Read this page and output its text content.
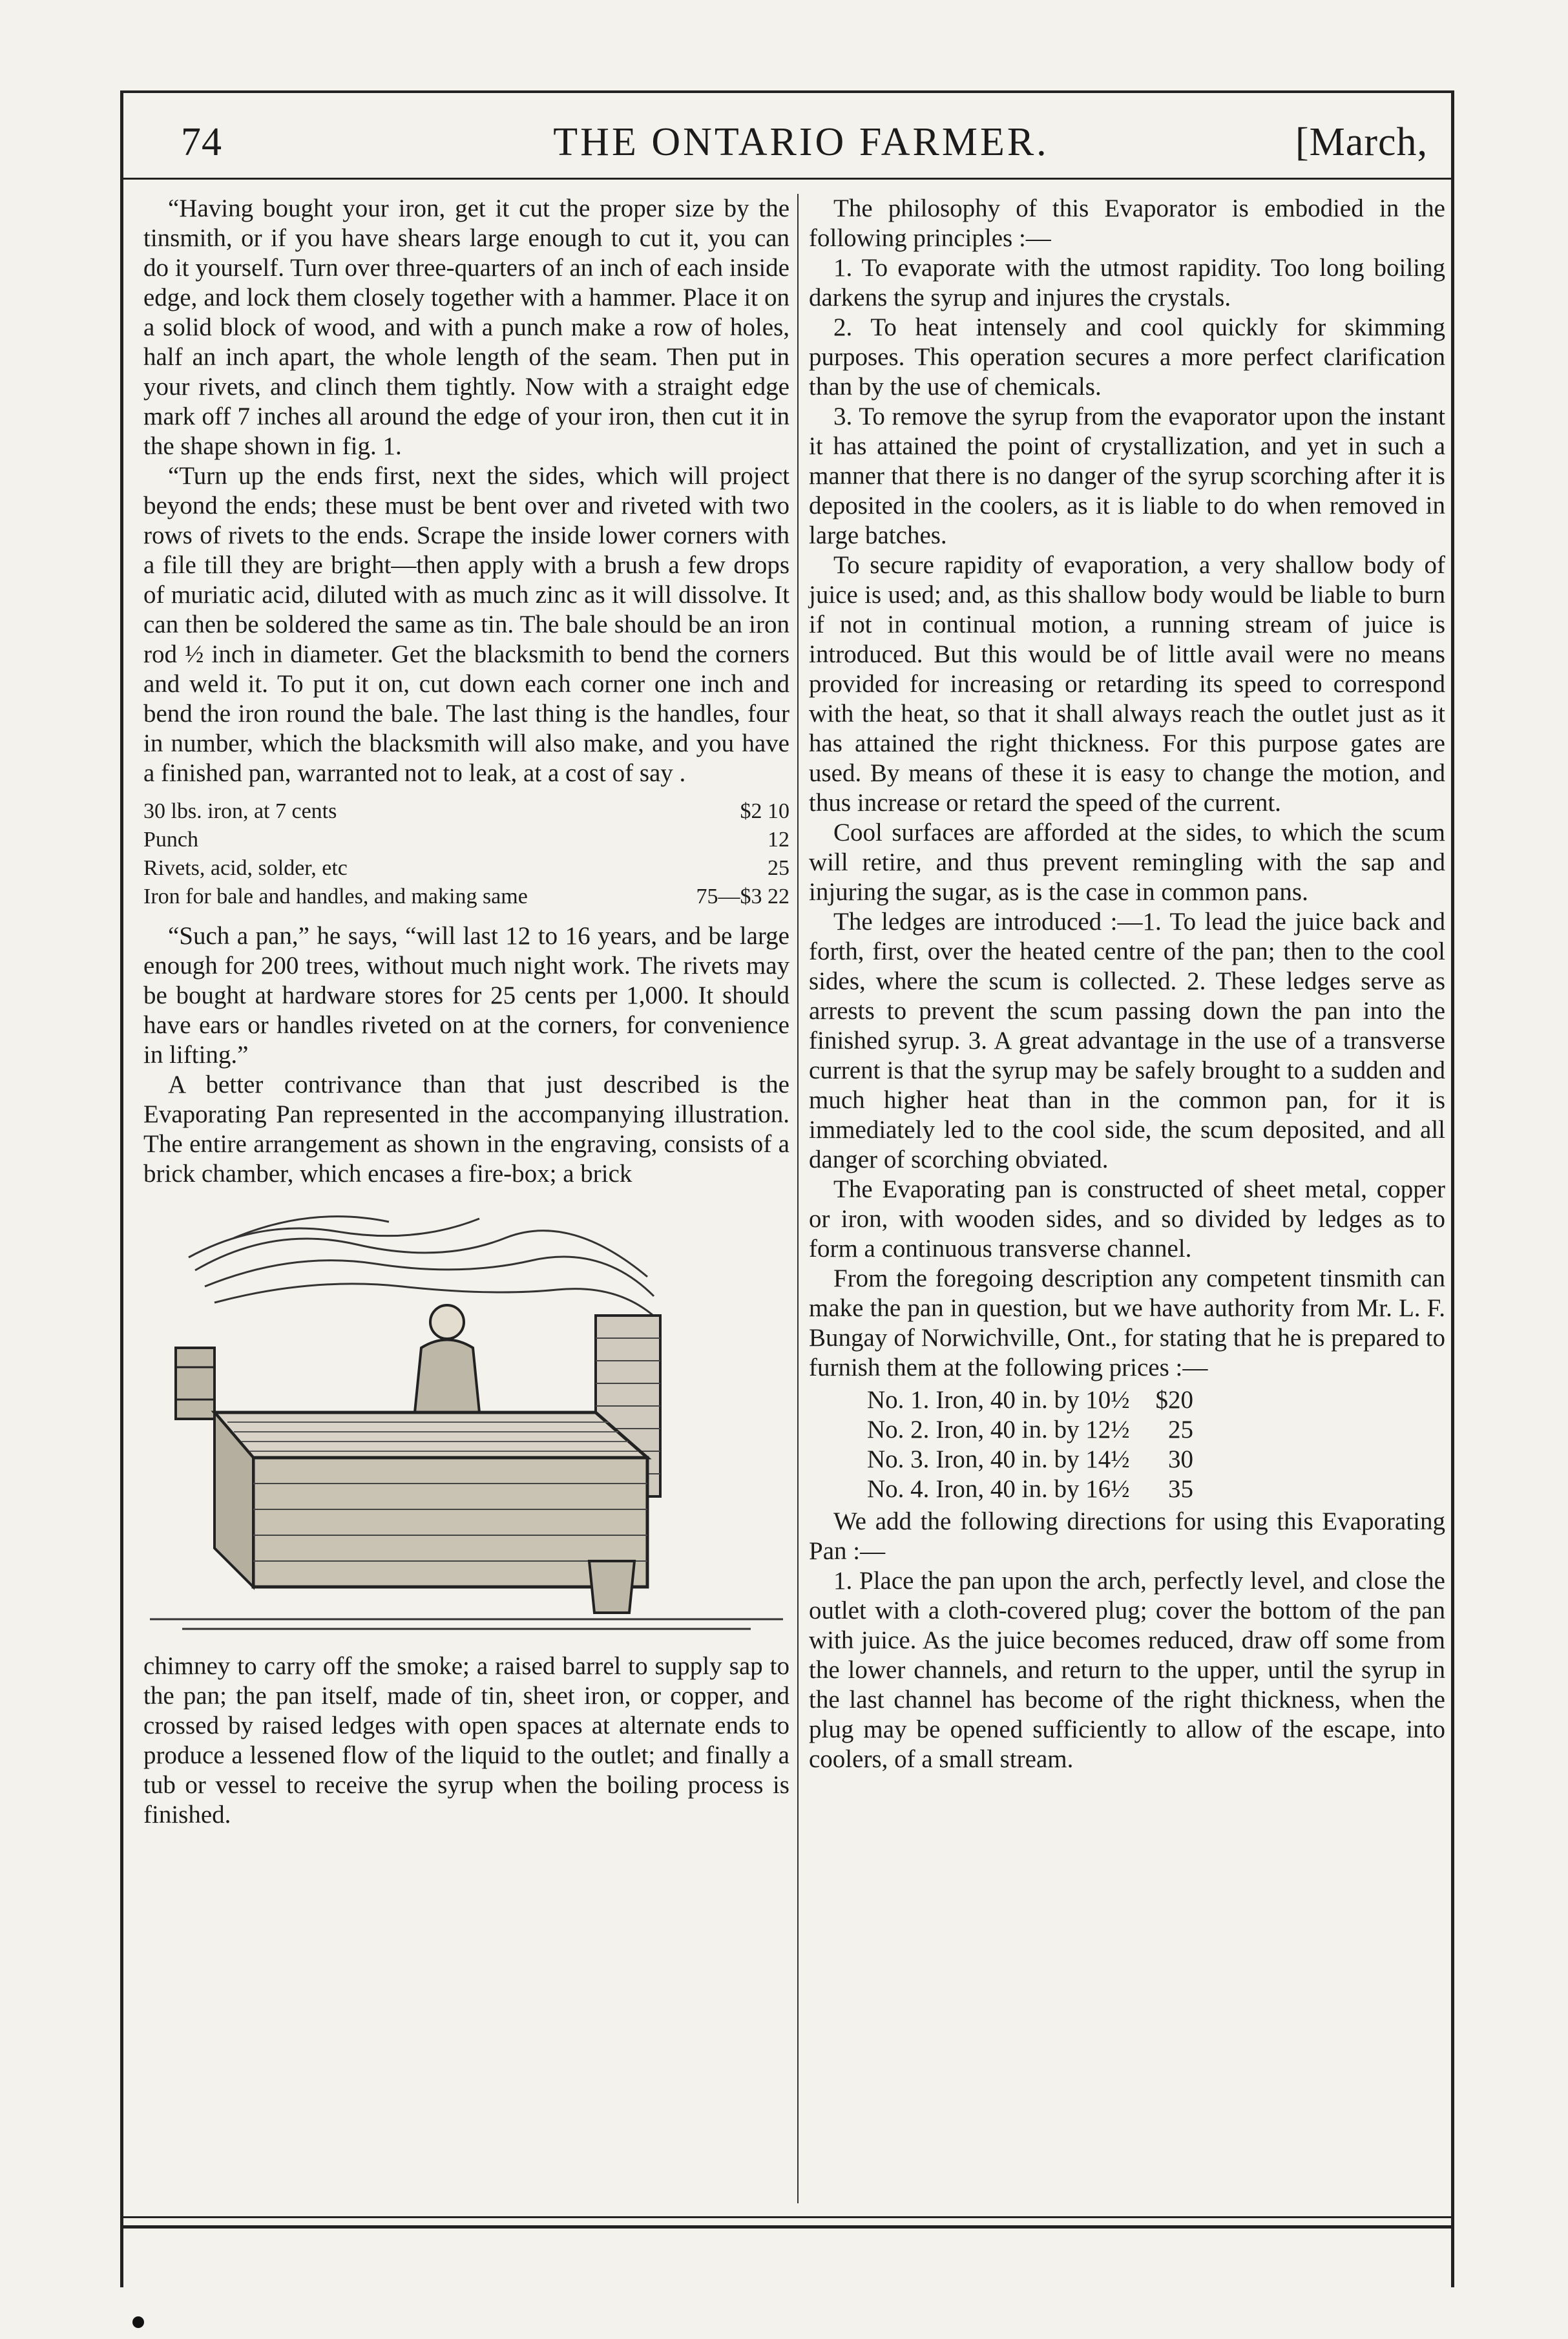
74	THE ONTARIO FARMER.	[March,

“Having bought your iron, get it cut the proper size by the tinsmith, or if you have shears large enough to cut it, you can do it yourself. Turn over three-quarters of an inch of each inside edge, and lock them closely together with a hammer. Place it on a solid block of wood, and with a punch make a row of holes, half an inch apart, the whole length of the seam. Then put in your rivets, and clinch them tightly. Now with a straight edge mark off 7 inches all around the edge of your iron, then cut it in the shape shown in fig. 1.

“Turn up the ends first, next the sides, which will project beyond the ends; these must be bent over and riveted with two rows of rivets to the ends. Scrape the inside lower corners with a file till they are bright—then apply with a brush a few drops of muriatic acid, diluted with as much zinc as it will dissolve. It can then be soldered the same as tin. The bale should be an iron rod ½ inch in diameter. Get the blacksmith to bend the corners and weld it. To put it on, cut down each corner one inch and bend the iron round the bale. The last thing is the handles, four in number, which the blacksmith will also make, and you have a finished pan, warranted not to leak, at a cost of say .

30 lbs. iron, at 7 cents	$2 10
Punch	12
Rivets, acid, solder, etc	25
Iron for bale and handles, and making same	75—$3 22

“Such a pan,” he says, “will last 12 to 16 years, and be large enough for 200 trees, without much night work. The rivets may be bought at hardware stores for 25 cents per 1,000. It should have ears or handles riveted on at the corners, for convenience in lifting.”

A better contrivance than that just described is the Evaporating Pan represented in the accompanying illustration. The entire arrangement as shown in the engraving, consists of a brick chamber, which encases a fire-box; a brick

chimney to carry off the smoke; a raised barrel to supply sap to the pan; the pan itself, made of tin, sheet iron, or copper, and crossed by raised ledges with open spaces at alternate ends to produce a lessened flow of the liquid to the outlet; and finally a tub or vessel to receive the syrup when the boiling process is finished.

The philosophy of this Evaporator is embodied in the following principles :—

1. To evaporate with the utmost rapidity. Too long boiling darkens the syrup and injures the crystals.

2. To heat intensely and cool quickly for skimming purposes. This operation secures a more perfect clarification than by the use of chemicals.

3. To remove the syrup from the evaporator upon the instant it has attained the point of crystallization, and yet in such a manner that there is no danger of the syrup scorching after it is deposited in the coolers, as it is liable to do when removed in large batches.

To secure rapidity of evaporation, a very shallow body of juice is used; and, as this shallow body would be liable to burn if not in continual motion, a running stream of juice is introduced. But this would be of little avail were no means provided for increasing or retarding its speed to correspond with the heat, so that it shall always reach the outlet just as it has attained the right thickness. For this purpose gates are used. By means of these it is easy to change the motion, and thus increase or retard the speed of the current.

Cool surfaces are afforded at the sides, to which the scum will retire, and thus prevent remingling with the sap and injuring the sugar, as is the case in common pans.

The ledges are introduced :—1. To lead the juice back and forth, first, over the heated centre of the pan; then to the cool sides, where the scum is collected. 2. These ledges serve as arrests to prevent the scum passing down the pan into the finished syrup. 3. A great advantage in the use of a transverse current is that the syrup may be safely brought to a sudden and much higher heat than in the common pan, for it is immediately led to the cool side, the scum deposited, and all danger of scorching obviated.

The Evaporating pan is constructed of sheet metal, copper or iron, with wooden sides, and so divided by ledges as to form a continuous transverse channel.

From the foregoing description any competent tinsmith can make the pan in question, but we have authority from Mr. L. F. Bungay of Norwichville, Ont., for stating that he is prepared to furnish them at the following prices :—

No. 1.	Iron, 40 in. by 10½	$20
No. 2.	Iron, 40 in. by 12½	25
No. 3.	Iron, 40 in. by 14½	30
No. 4.	Iron, 40 in. by 16½	35

We add the following directions for using this Evaporating Pan :—

1. Place the pan upon the arch, perfectly level, and close the outlet with a cloth-covered plug; cover the bottom of the pan with juice. As the juice becomes reduced, draw off some from the lower channels, and return to the upper, until the syrup in the last channel has become of the right thickness, when the plug may be opened sufficiently to allow of the escape, into coolers, of a small stream.
